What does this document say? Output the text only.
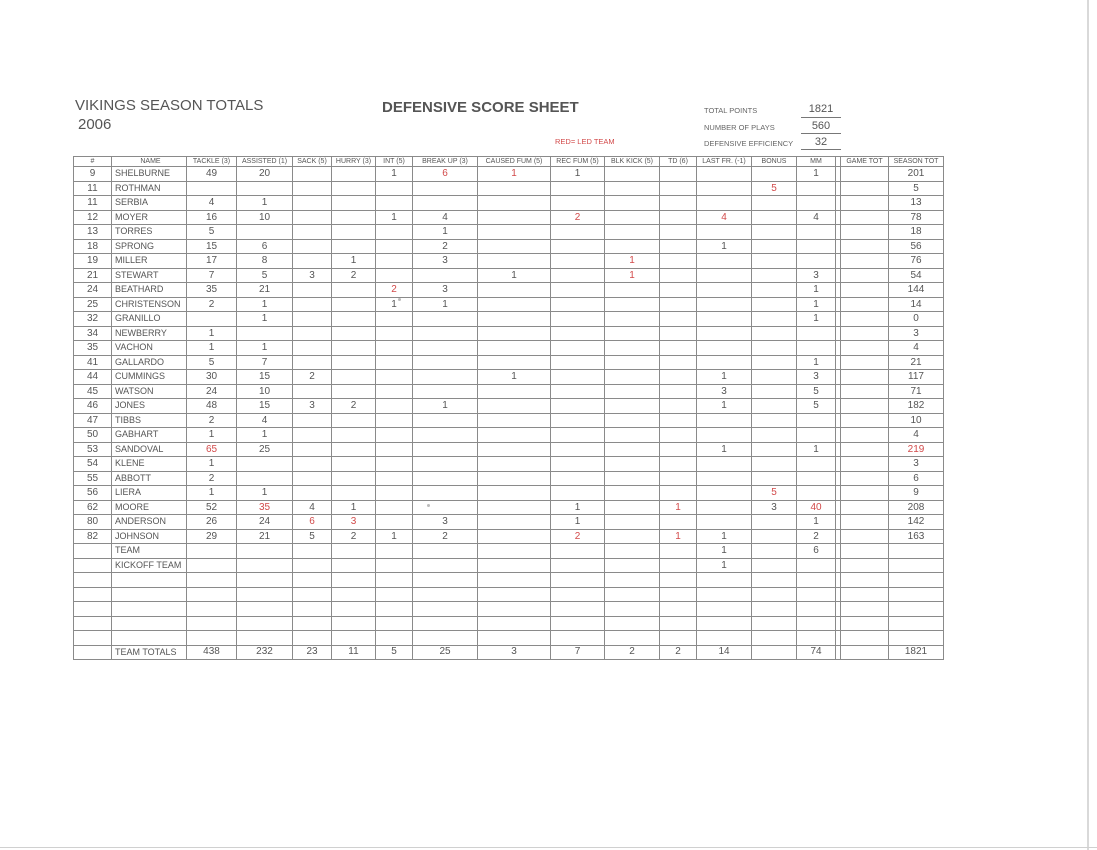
VIKINGS SEASON TOTALS
2006
DEFENSIVE SCORE SHEET
RED= LED TEAM
TOTAL POINTS	1821
NUMBER OF PLAYS	560
DEFENSIVE EFFICIENCY	32
#	NAME	TACKLE (3)	ASSISTED (1)	SACK (5)	HURRY (3)	INT (5)	BREAK UP (3)	CAUSED FUM (5)	REC FUM (5)	BLK KICK (5)	TD (6)	LAST FR. (-1)	BONUS	MM		GAME TOT	SEASON TOT
9	SHELBURNE	49	20			1	6	1	1					1			201
11	ROTHMAN												5				5
11	SERBIA	4	1														13
12	MOYER	16	10			1	4		2			4		4			78
13	TORRES	5					1										18
18	SPRONG	15	6				2					1					56
19	MILLER	17	8		1		3			1							76
21	STEWART	7	5	3	2			1		1				3			54
24	BEATHARD	35	21			2	3							1			144
25	CHRISTENSON	2	1			1	1							1			14
32	GRANILLO		1											1			0
34	NEWBERRY	1															3
35	VACHON	1	1														4
41	GALLARDO	5	7											1			21
44	CUMMINGS	30	15	2				1				1		3			117
45	WATSON	24	10									3		5			71
46	JONES	48	15	3	2		1					1		5			182
47	TIBBS	2	4														10
50	GABHART	1	1														4
53	SANDOVAL	65	25									1		1			219
54	KLENE	1															3
55	ABBOTT	2															6
56	LIERA	1	1										5				9
62	MOORE	52	35	4	1				1		1		3	40			208
80	ANDERSON	26	24	6	3		3		1					1			142
82	JOHNSON	29	21	5	2	1	2		2		1	1		2			163
	TEAM											1		6			
	KICKOFF TEAM											1					

	TEAM TOTALS	438	232	23	11	5	25	3	7	2	2	14		74			1821
